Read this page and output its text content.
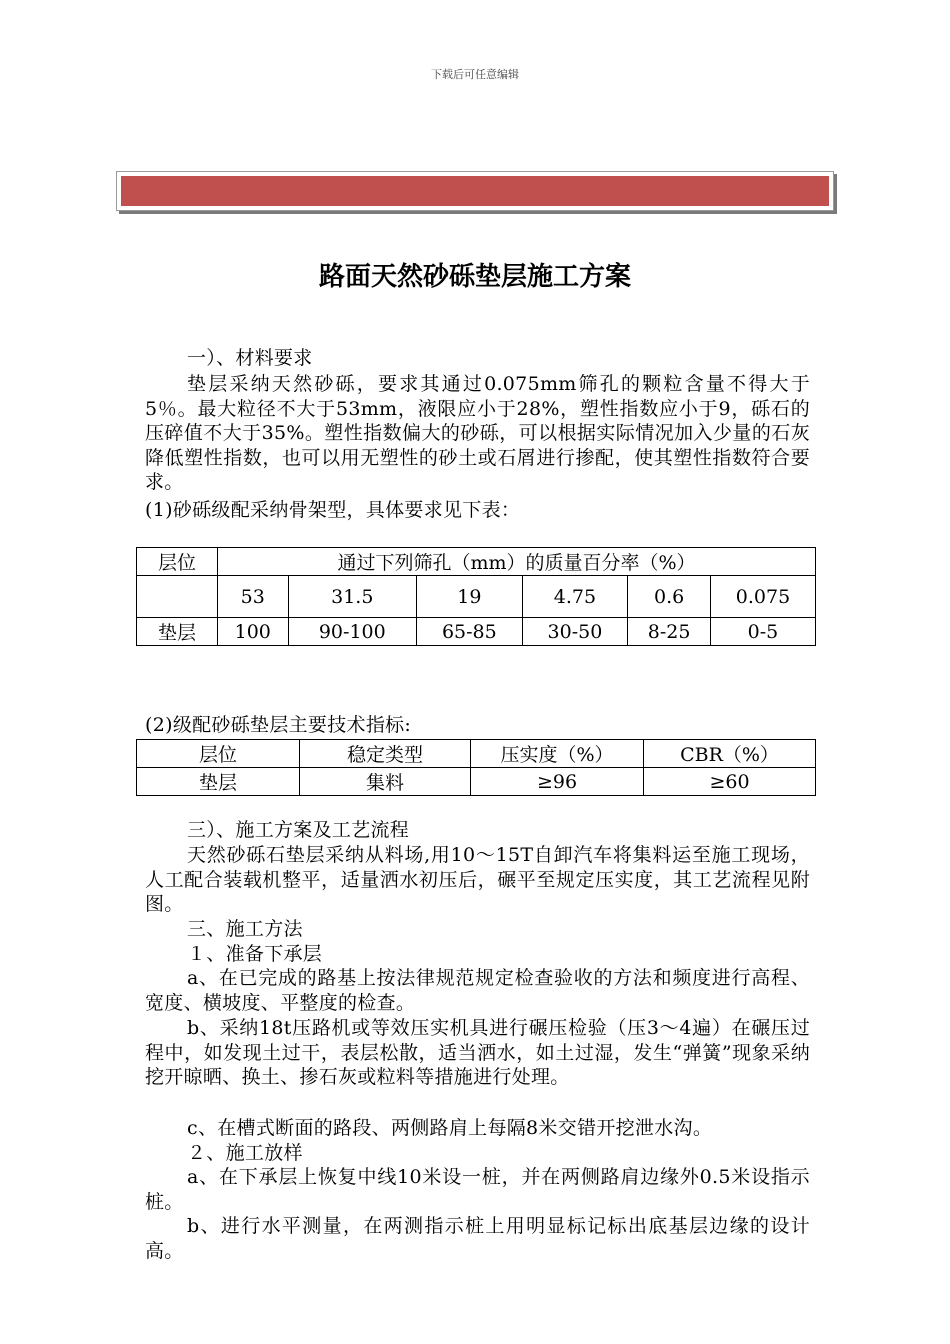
下载后可任意编辑
路面天然砂砾垫层施工方案

一）、材料要求

垫层采纳天然砂砾，要求其通过0.075mm筛孔的颗粒含量不得大于5％。最大粒径不大于53mm，液限应小于28%，塑性指数应小于9，砾石的压碎值不大于35%。塑性指数偏大的砂砾，可以根据实际情况加入少量的石灰降低塑性指数，也可以用无塑性的砂土或石屑进行掺配，使其塑性指数符合要求。

(1)砂砾级配采纳骨架型，具体要求见下表：

层位	通过下列筛孔（mm）的质量百分率（%）					
	53	31.5	19	4.75	0.6	0.075
垫层	100	90-100	65-85	30-50	8-25	0-5

(2)级配砂砾垫层主要技术指标:

层位	稳定类型	压实度（%）	CBR（%）
垫层	集料	≥96	≥60

三）、施工方案及工艺流程

天然砂砾石垫层采纳从料场,用10～15T自卸汽车将集料运至施工现场，人工配合装载机整平，适量洒水初压后，碾平至规定压实度，其工艺流程见附图。

三、施工方法

１、准备下承层

a、在已完成的路基上按法律规范规定检查验收的方法和频度进行高程、宽度、横坡度、平整度的检查。

b、采纳18t压路机或等效压实机具进行碾压检验（压3～4遍）在碾压过程中，如发现土过干，表层松散，适当洒水，如土过湿，发生“弹簧”现象采纳挖开晾晒、换土、掺石灰或粒料等措施进行处理。

c、在槽式断面的路段、两侧路肩上每隔8米交错开挖泄水沟。

２、施工放样

a、在下承层上恢复中线10米设一桩，并在两侧路肩边缘外0.5米设指示桩。

b、进行水平测量，在两测指示桩上用明显标记标出底基层边缘的设计高。
